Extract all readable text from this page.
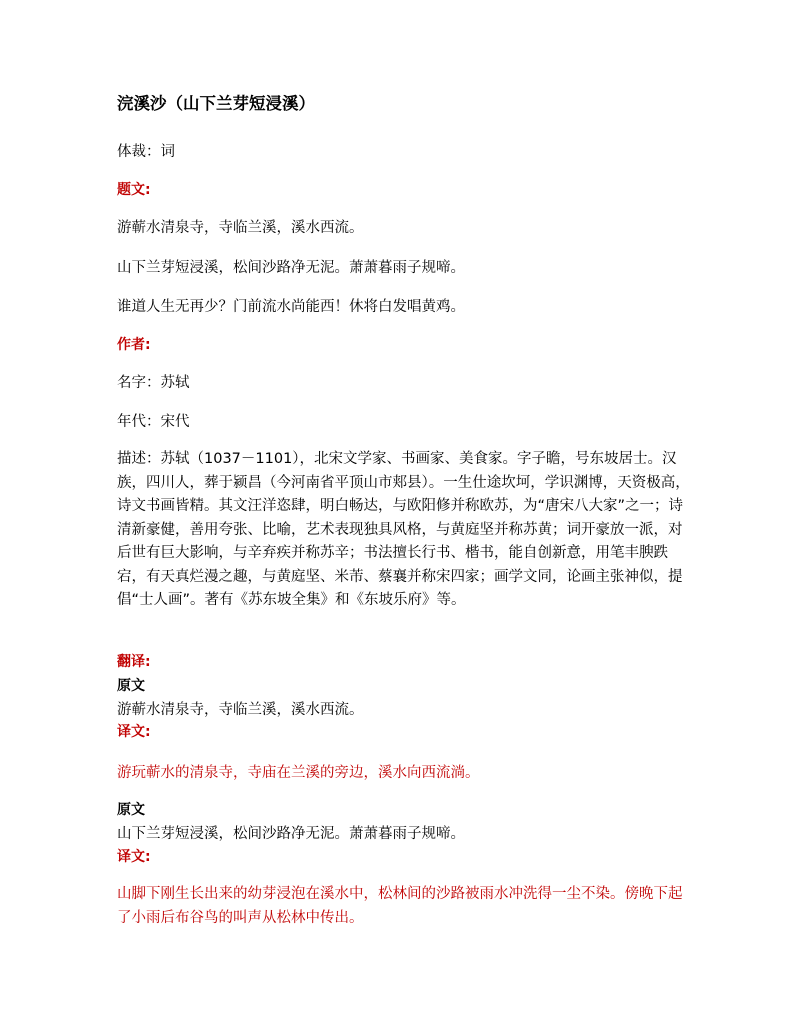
浣溪沙（山下兰芽短浸溪）

体裁：词

题文:

游蕲水清泉寺，寺临兰溪，溪水西流。

山下兰芽短浸溪，松间沙路净无泥。萧萧暮雨子规啼。

谁道人生无再少？门前流水尚能西！休将白发唱黄鸡。

作者:

名字：苏轼

年代：宋代

描述：苏轼（1037－1101），北宋文学家、书画家、美食家。字子瞻，号东坡居士。汉族，四川人，葬于颍昌（今河南省平顶山市郏县）。一生仕途坎坷，学识渊博，天资极高，诗文书画皆精。其文汪洋恣肆，明白畅达，与欧阳修并称欧苏，为“唐宋八大家”之一；诗清新豪健，善用夸张、比喻，艺术表现独具风格，与黄庭坚并称苏黄；词开豪放一派，对后世有巨大影响，与辛弃疾并称苏辛；书法擅长行书、楷书，能自创新意，用笔丰腴跌宕，有天真烂漫之趣，与黄庭坚、米芾、蔡襄并称宋四家；画学文同，论画主张神似，提倡“士人画”。著有《苏东坡全集》和《东坡乐府》等。

翻译:

原文

游蕲水清泉寺，寺临兰溪，溪水西流。

译文:

游玩蕲水的清泉寺，寺庙在兰溪的旁边，溪水向西流淌。

原文

山下兰芽短浸溪，松间沙路净无泥。萧萧暮雨子规啼。

译文:

山脚下刚生长出来的幼芽浸泡在溪水中，松林间的沙路被雨水冲洗得一尘不染。傍晚下起了小雨后布谷鸟的叫声从松林中传出。
